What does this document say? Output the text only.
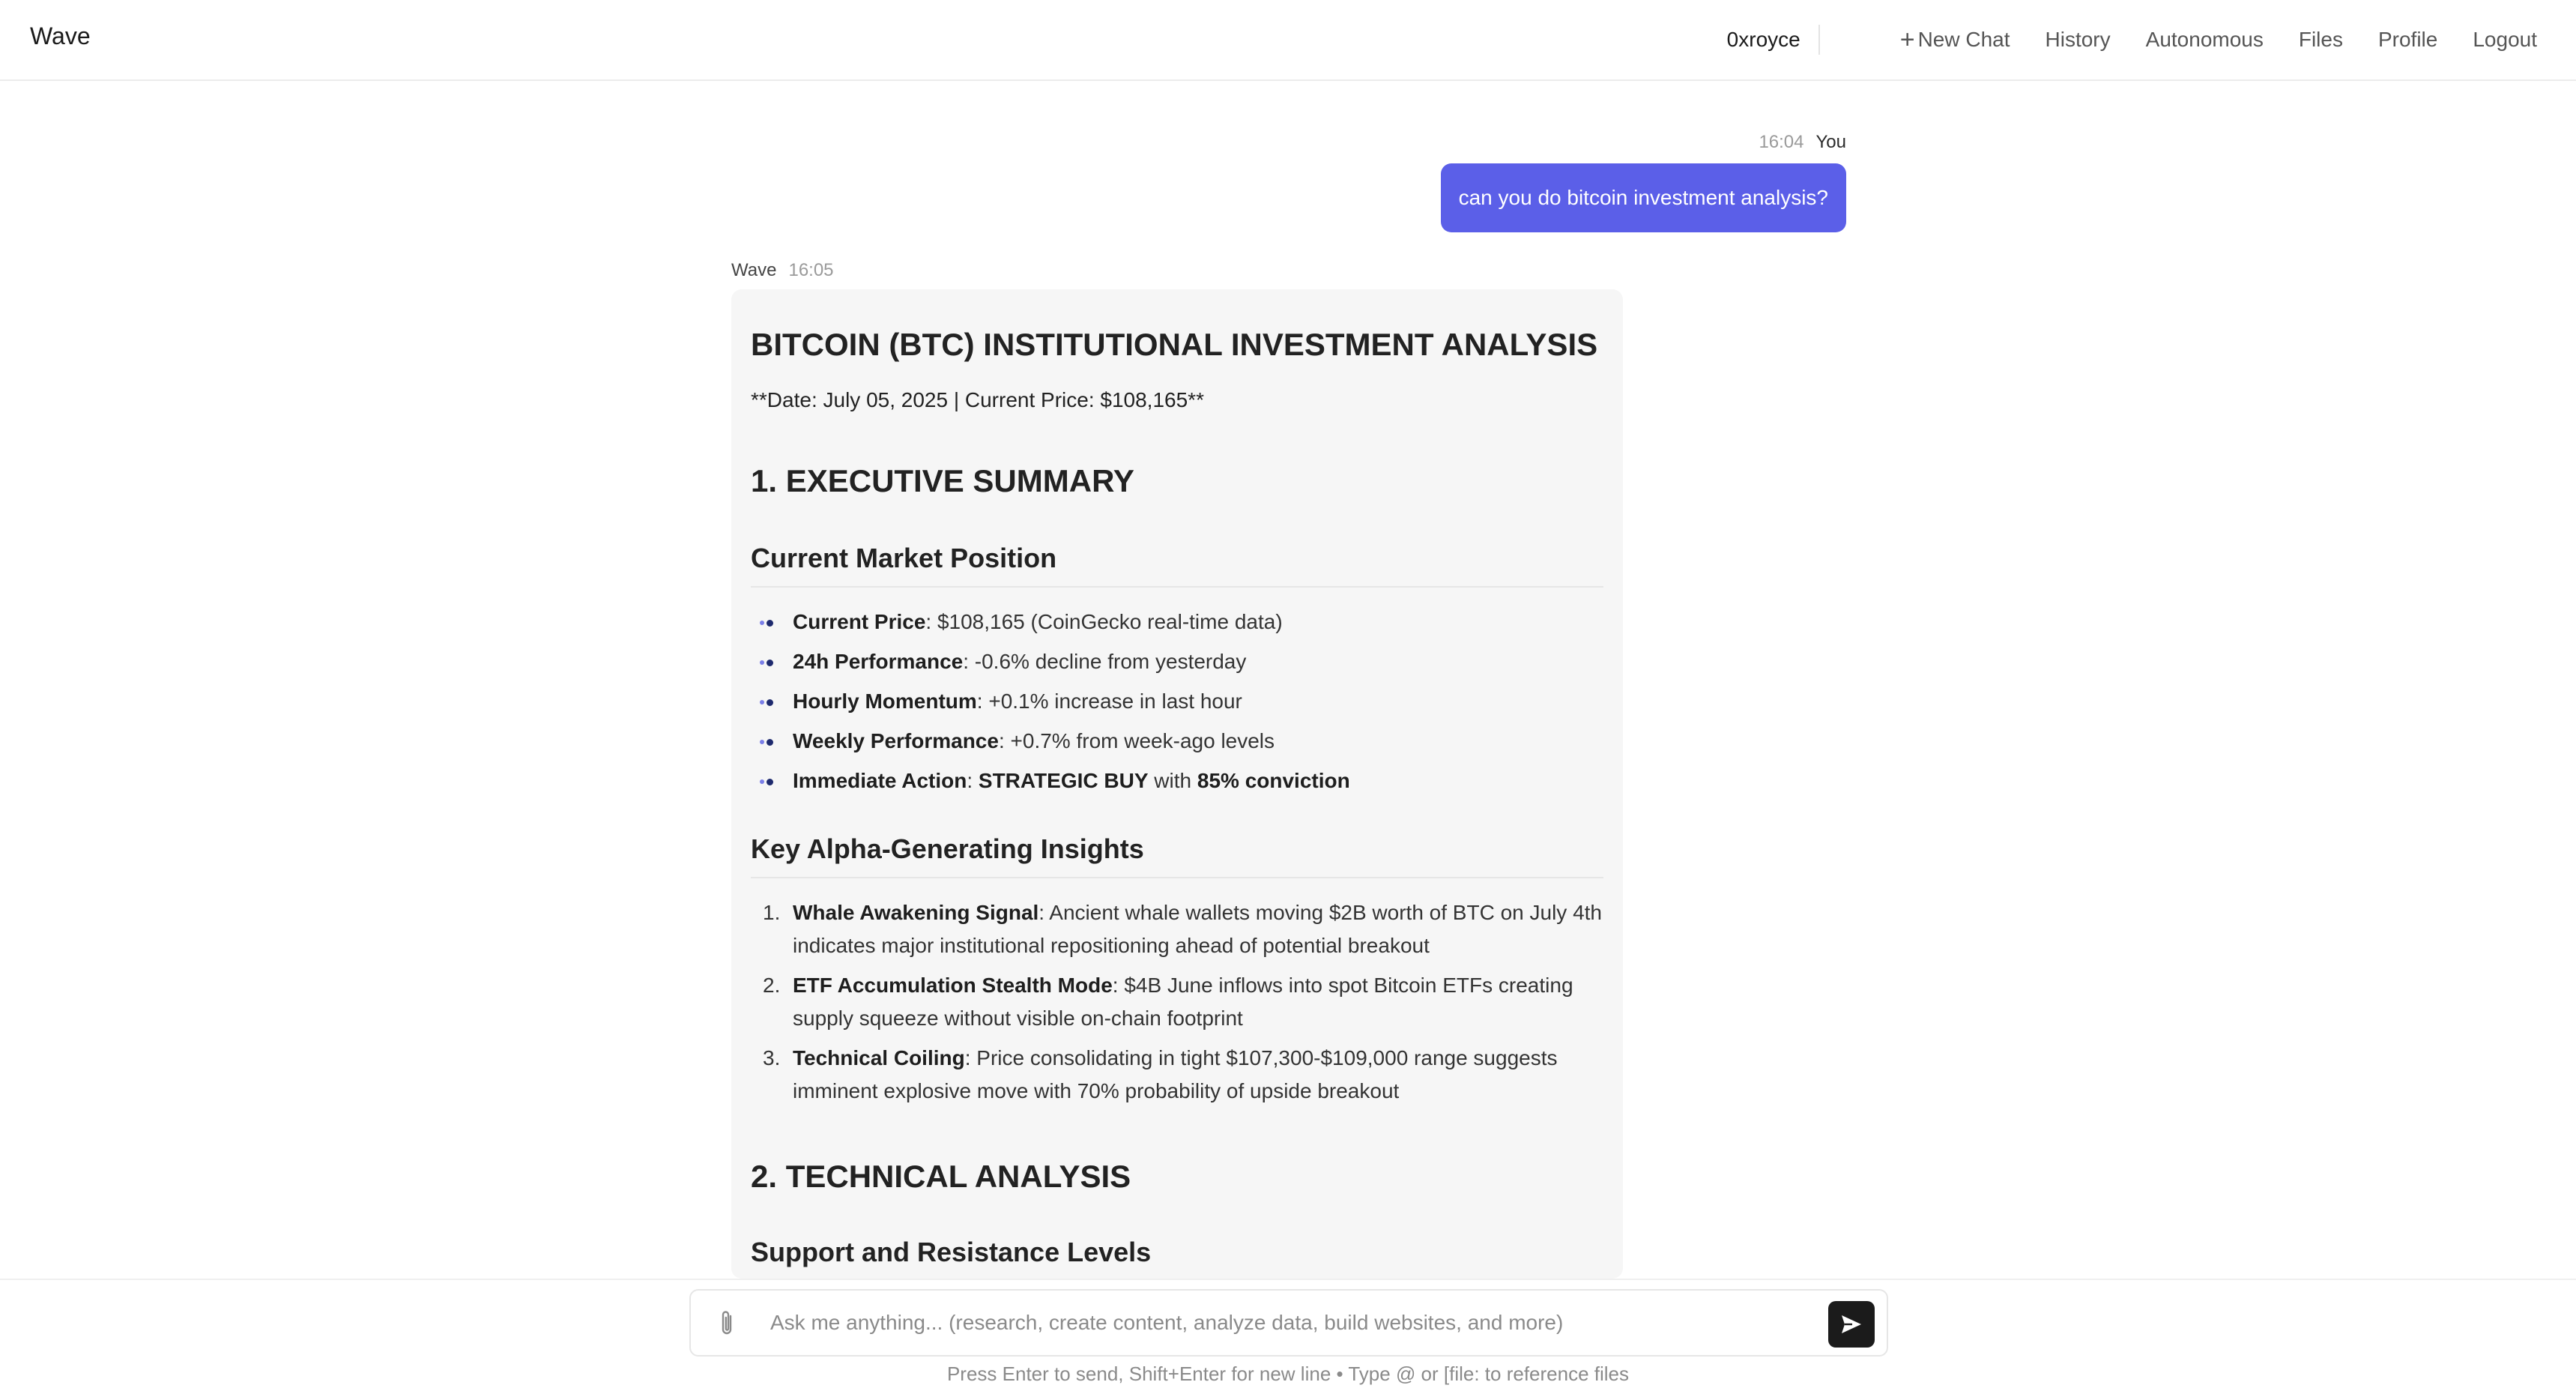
Wave	0xroyce	+ New Chat History Autonomous Files Profile Logout
16:04 You
can you do bitcoin investment analysis?
Wave 16:05
BITCOIN (BTC) INSTITUTIONAL INVESTMENT ANALYSIS
**Date: July 05, 2025 | Current Price: $108,165**
1. EXECUTIVE SUMMARY
Current Market Position
Current Price: $108,165 (CoinGecko real-time data)
24h Performance: -0.6% decline from yesterday
Hourly Momentum: +0.1% increase in last hour
Weekly Performance: +0.7% from week-ago levels
Immediate Action: STRATEGIC BUY with 85% conviction
Key Alpha-Generating Insights
1. Whale Awakening Signal: Ancient whale wallets moving $2B worth of BTC on July 4th indicates major institutional repositioning ahead of potential breakout
2. ETF Accumulation Stealth Mode: $4B June inflows into spot Bitcoin ETFs creating supply squeeze without visible on-chain footprint
3. Technical Coiling: Price consolidating in tight $107,300-$109,000 range suggests imminent explosive move with 70% probability of upside breakout
2. TECHNICAL ANALYSIS
Support and Resistance Levels
Ask me anything... (research, create content, analyze data, build websites, and more)
Press Enter to send, Shift+Enter for new line • Type @ or [file: to reference files
